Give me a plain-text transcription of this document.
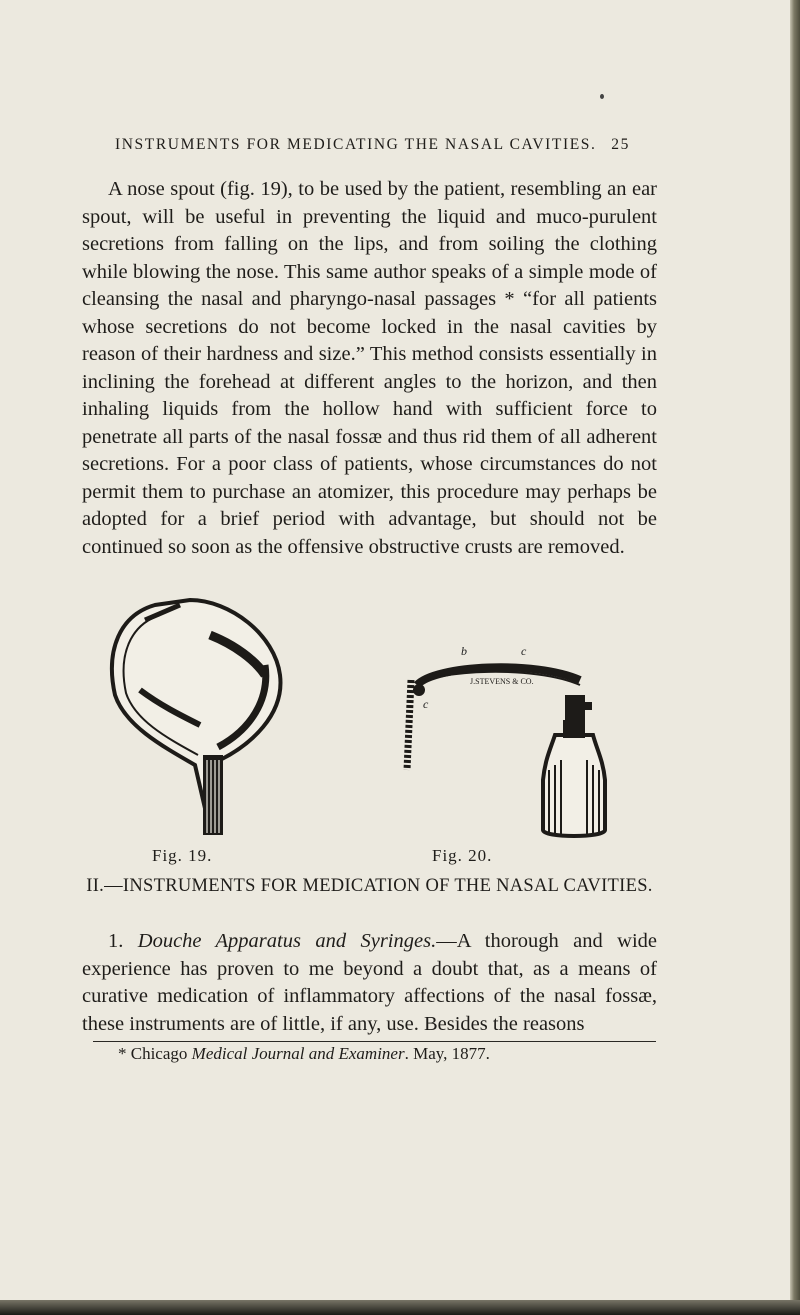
INSTRUMENTS FOR MEDICATING THE NASAL CAVITIES. 25

A nose spout (fig. 19), to be used by the patient, resembling an ear spout, will be useful in preventing the liquid and muco-purulent secretions from falling on the lips, and from soiling the clothing while blowing the nose. This same author speaks of a simple mode of cleansing the nasal and pharyngo-nasal passages * “for all patients whose secretions do not become locked in the nasal cavities by reason of their hardness and size.” This method consists essentially in inclining the forehead at different angles to the horizon, and then inhaling liquids from the hollow hand with sufficient force to penetrate all parts of the nasal fossæ and thus rid them of all adherent secretions. For a poor class of patients, whose circumstances do not permit them to purchase an atomizer, this procedure may perhaps be adopted for a brief period with advantage, but should not be continued so soon as the offensive obstructive crusts are removed.

b	c
c
J.STEVENS & CO.
Fig. 19.	Fig. 20.
II.—INSTRUMENTS FOR MEDICATION OF THE NASAL CAVITIES.
1. Douche Apparatus and Syringes.—A thorough and wide experience has proven to me beyond a doubt that, as a means of curative medication of inflammatory affections of the nasal fossæ, these instruments are of little, if any, use. Besides the reasons
* Chicago Medical Journal and Examiner. May, 1877.
